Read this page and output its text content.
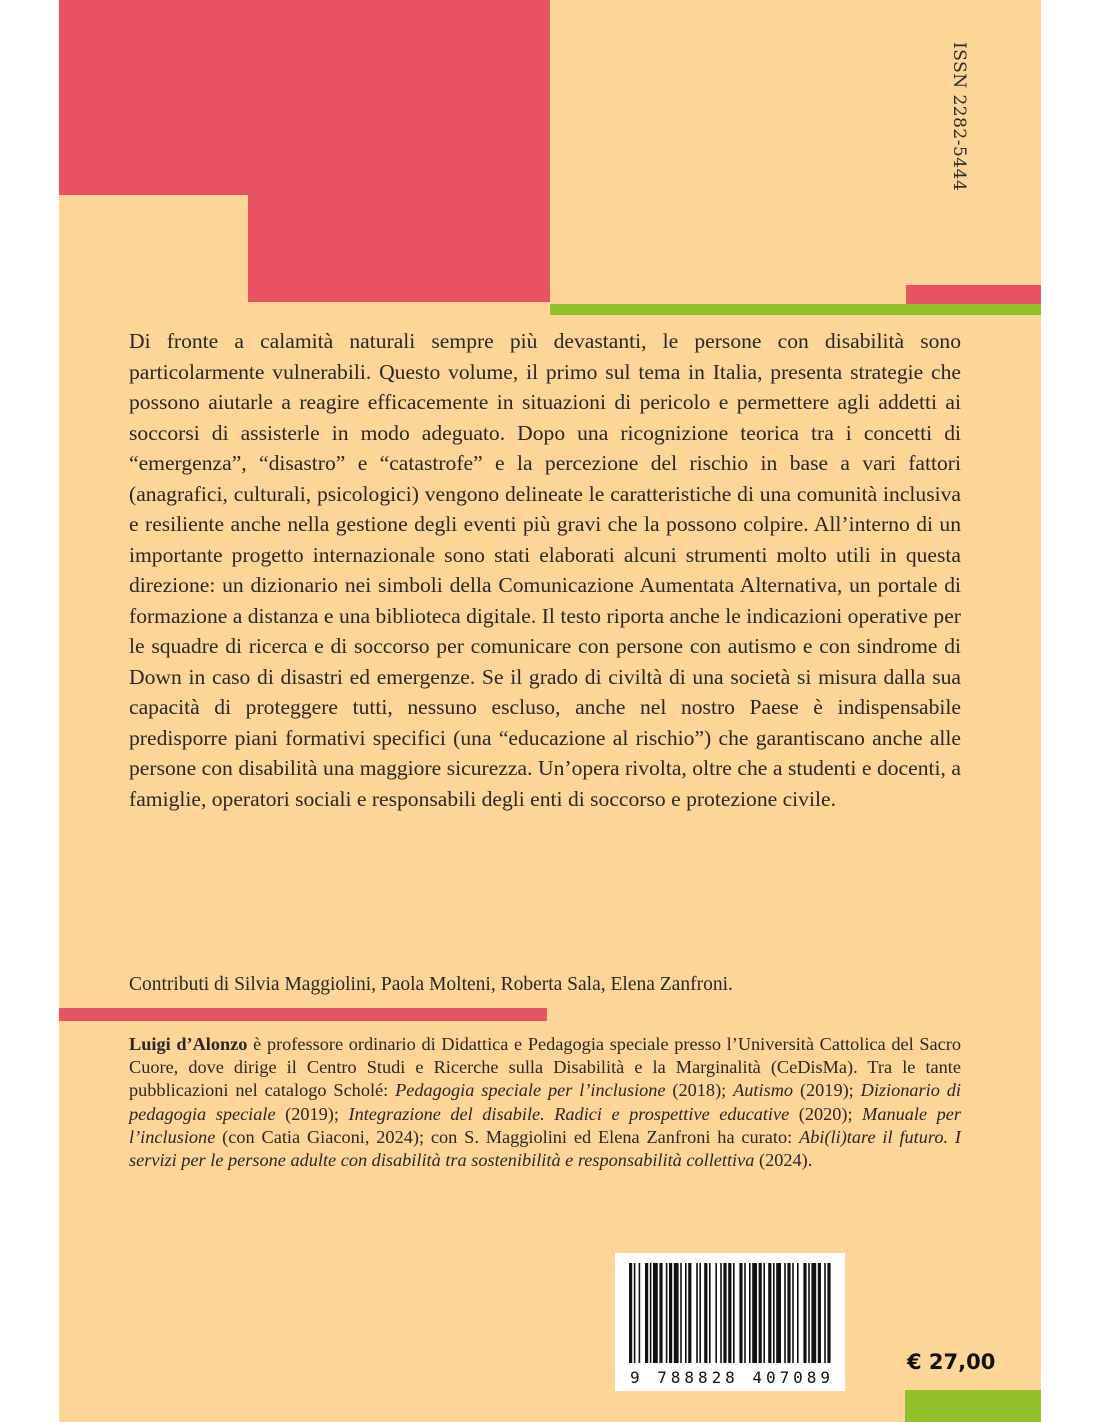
ISSN 2282-5444
Di fronte a calamità naturali sempre più devastanti, le persone con disabilità sono particolarmente vulnerabili. Questo volume, il primo sul tema in Italia, presenta strategie che possono aiutarle a reagire efficacemente in situazioni di pericolo e permettere agli addetti ai soccorsi di assisterle in modo adeguato. Dopo una ricognizione teorica tra i concetti di “emergenza”, “disastro” e “catastrofe” e la percezione del rischio in base a vari fattori (anagrafici, culturali, psicologici) vengono delineate le caratteristiche di una comunità inclusiva e resiliente anche nella gestione degli eventi più gravi che la possono colpire. All’interno di un importante progetto internazionale sono stati elaborati alcuni strumenti molto utili in questa direzione: un dizionario nei simboli della Comunicazione Aumentata Alternativa, un portale di formazione a distanza e una biblioteca digitale. Il testo riporta anche le indicazioni operative per le squadre di ricerca e di soccorso per comunicare con persone con autismo e con sindrome di Down in caso di disastri ed emergenze. Se il grado di civiltà di una società si misura dalla sua capacità di proteggere tutti, nessuno escluso, anche nel nostro Paese è indispensabile predisporre piani formativi specifici (una “educazione al rischio”) che garantiscano anche alle persone con disabilità una maggiore sicurezza. Un’opera rivolta, oltre che a studenti e docenti, a famiglie, operatori sociali e responsabili degli enti di soccorso e protezione civile.
Contributi di Silvia Maggiolini, Paola Molteni, Roberta Sala, Elena Zanfroni.
Luigi d’Alonzo è professore ordinario di Didattica e Pedagogia speciale presso l’Università Cattolica del Sacro Cuore, dove dirige il Centro Studi e Ricerche sulla Disabilità e la Marginalità (CeDisMa). Tra le tante pubblicazioni nel catalogo Scholé: Pedagogia speciale per l’inclusione (2018); Autismo (2019); Dizionario di pedagogia speciale (2019); Integrazione del disabile. Radici e prospettive educative (2020); Manuale per l’inclusione (con Catia Giaconi, 2024); con S. Maggiolini ed Elena Zanfroni ha curato: Abi(li)tare il futuro. I servizi per le persone adulte con disabilità tra sostenibilità e responsabilità collettiva (2024).
9 788828 407089
€ 27,00
